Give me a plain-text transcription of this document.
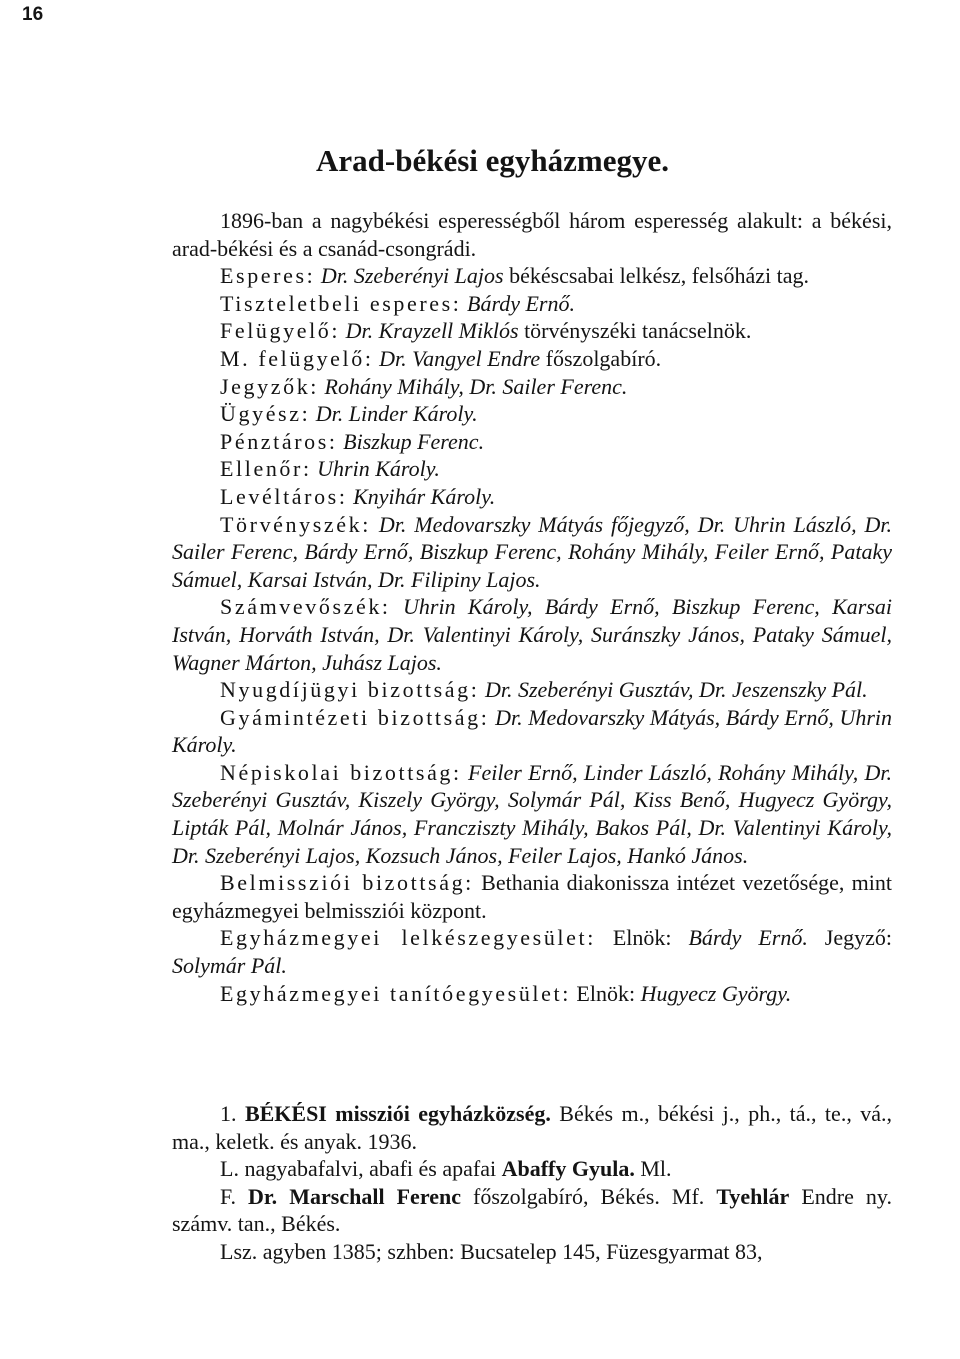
16
Arad-békési egyházmegye.

1896-ban a nagybékési esperességből három esperesség alakult: a békési, arad-békési és a csanád-csongrádi.

Esperes: Dr. Szeberényi Lajos békéscsabai lelkész, felsőházi tag.

Tiszteletbeli esperes: Bárdy Ernő.

Felügyelő: Dr. Krayzell Miklós törvényszéki tanácselnök.

M. felügyelő: Dr. Vangyel Endre főszolgabíró.

Jegyzők: Rohány Mihály, Dr. Sailer Ferenc.

Ügyész: Dr. Linder Károly.

Pénztáros: Biszkup Ferenc.

Ellenőr: Uhrin Károly.

Levéltáros: Knyihár Károly.

Törvényszék: Dr. Medovarszky Mátyás főjegyző, Dr. Uhrin László, Dr. Sailer Ferenc, Bárdy Ernő, Biszkup Ferenc, Rohány Mihály, Feiler Ernő, Pataky Sámuel, Karsai István, Dr. Filipiny Lajos.

Számvevőszék: Uhrin Károly, Bárdy Ernő, Biszkup Ferenc, Karsai István, Horváth István, Dr. Valentinyi Károly, Suránszky János, Pataky Sámuel, Wagner Márton, Juhász Lajos.

Nyugdíjügyi bizottság: Dr. Szeberényi Gusztáv, Dr. Jeszenszky Pál.

Gyámintézeti bizottság: Dr. Medovarszky Mátyás, Bárdy Ernő, Uhrin Károly.

Népiskolai bizottság: Feiler Ernő, Linder László, Rohány Mihály, Dr. Szeberényi Gusztáv, Kiszely György, Solymár Pál, Kiss Benő, Hugyecz György, Lipták Pál, Molnár János, Francziszty Mihály, Bakos Pál, Dr. Valentinyi Károly, Dr. Szeberényi Lajos, Kozsuch János, Feiler Lajos, Hankó János.

Belmissziói bizottság: Bethania diakonissza intézet vezetősége, mint egyházmegyei belmissziói központ.

Egyházmegyei lelkészegyesület: Elnök: Bárdy Ernő. Jegyző: Solymár Pál.

Egyházmegyei tanítóegyesület: Elnök: Hugyecz György.

1. BÉKÉSI missziói egyházközség. Békés m., békési j., ph., tá., te., vá., ma., keletk. és anyak. 1936.

L. nagyabafalvi, abafi és apafai Abaffy Gyula. Ml.

F. Dr. Marschall Ferenc főszolgabíró, Békés. Mf. Tyehlár Endre ny. számv. tan., Békés.

Lsz. agyben 1385; szhben: Bucsatelep 145, Füzesgyarmat 83,
